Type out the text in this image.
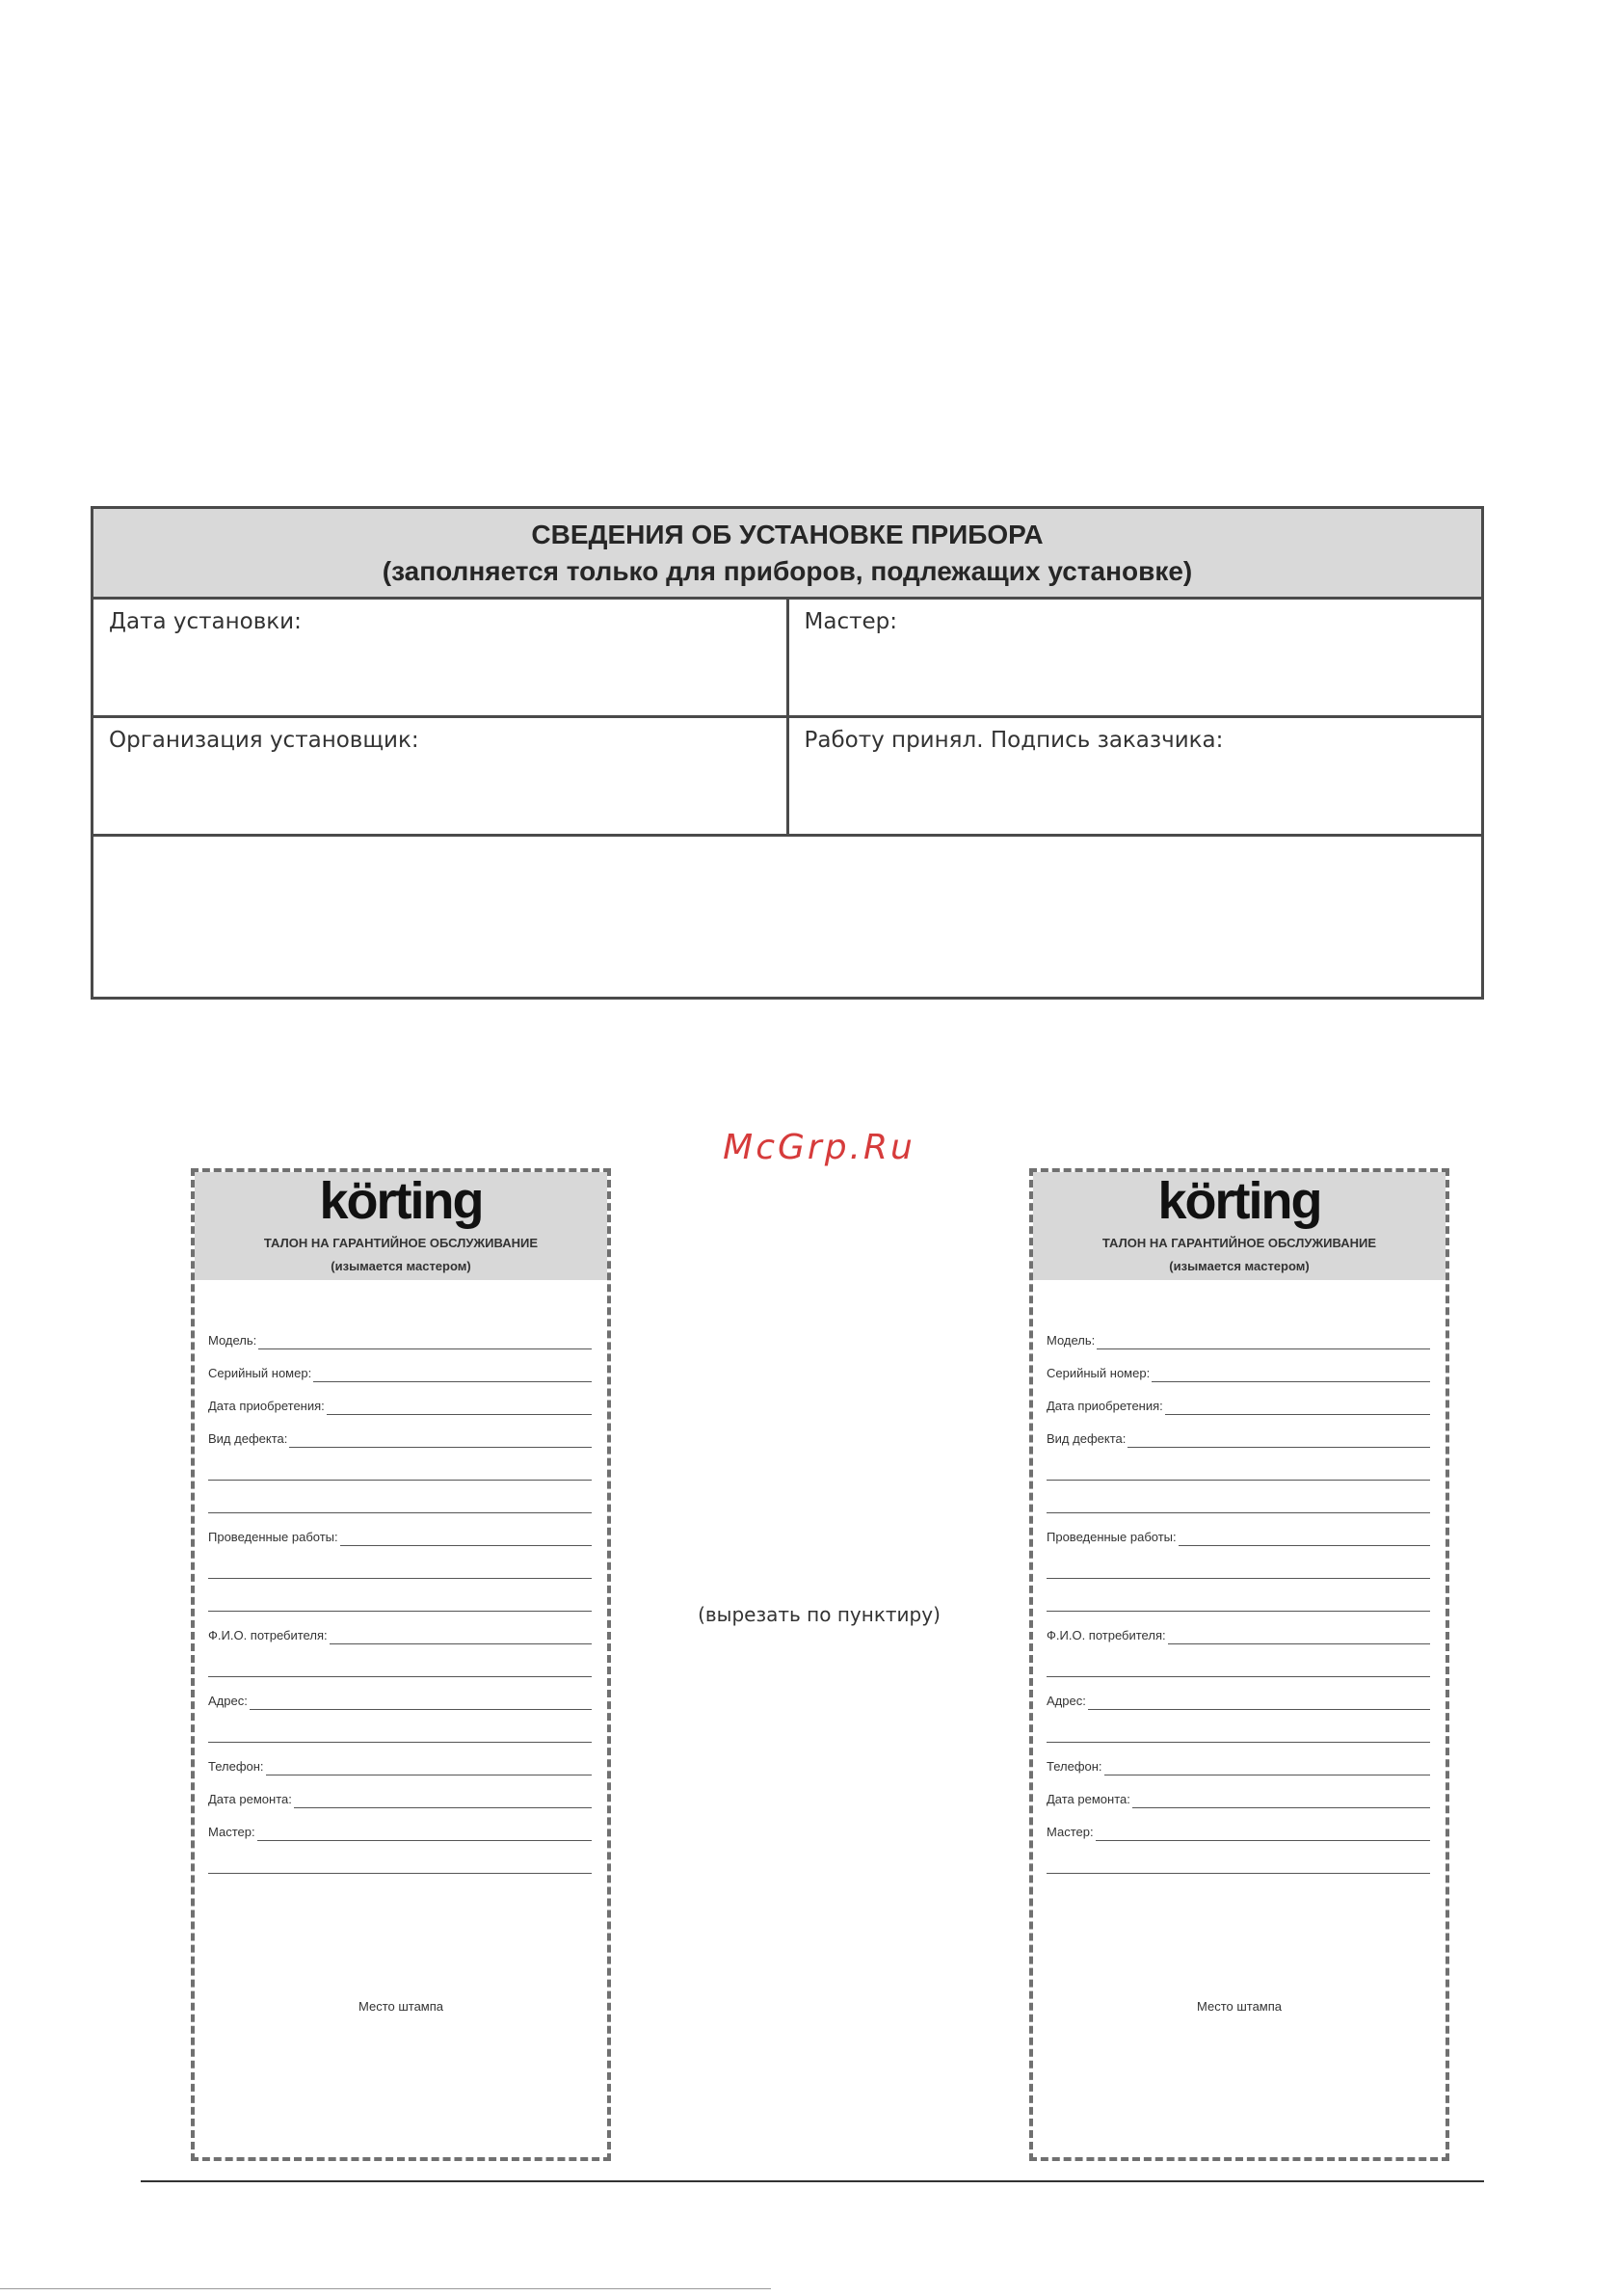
СВЕДЕНИЯ ОБ УСТАНОВКЕ ПРИБОРА
(заполняется только для приборов, подлежащих установке)
Дата установки:	Мастер:
Организация установщик:	Работу принял. Подпись заказчика:
McGrp.Ru
körting
ТАЛОН НА ГАРАНТИЙНОЕ ОБСЛУЖИВАНИЕ
(изымается мастером)
Модель:
Серийный номер:
Дата приобретения:
Вид дефекта:
Проведенные работы:
Ф.И.О. потребителя:
Адрес:
Телефон:
Дата ремонта:
Мастер:
Место штампа
(вырезать по пунктиру)
körting
ТАЛОН НА ГАРАНТИЙНОЕ ОБСЛУЖИВАНИЕ
(изымается мастером)
Модель:
Серийный номер:
Дата приобретения:
Вид дефекта:
Проведенные работы:
Ф.И.О. потребителя:
Адрес:
Телефон:
Дата ремонта:
Мастер:
Место штампа
